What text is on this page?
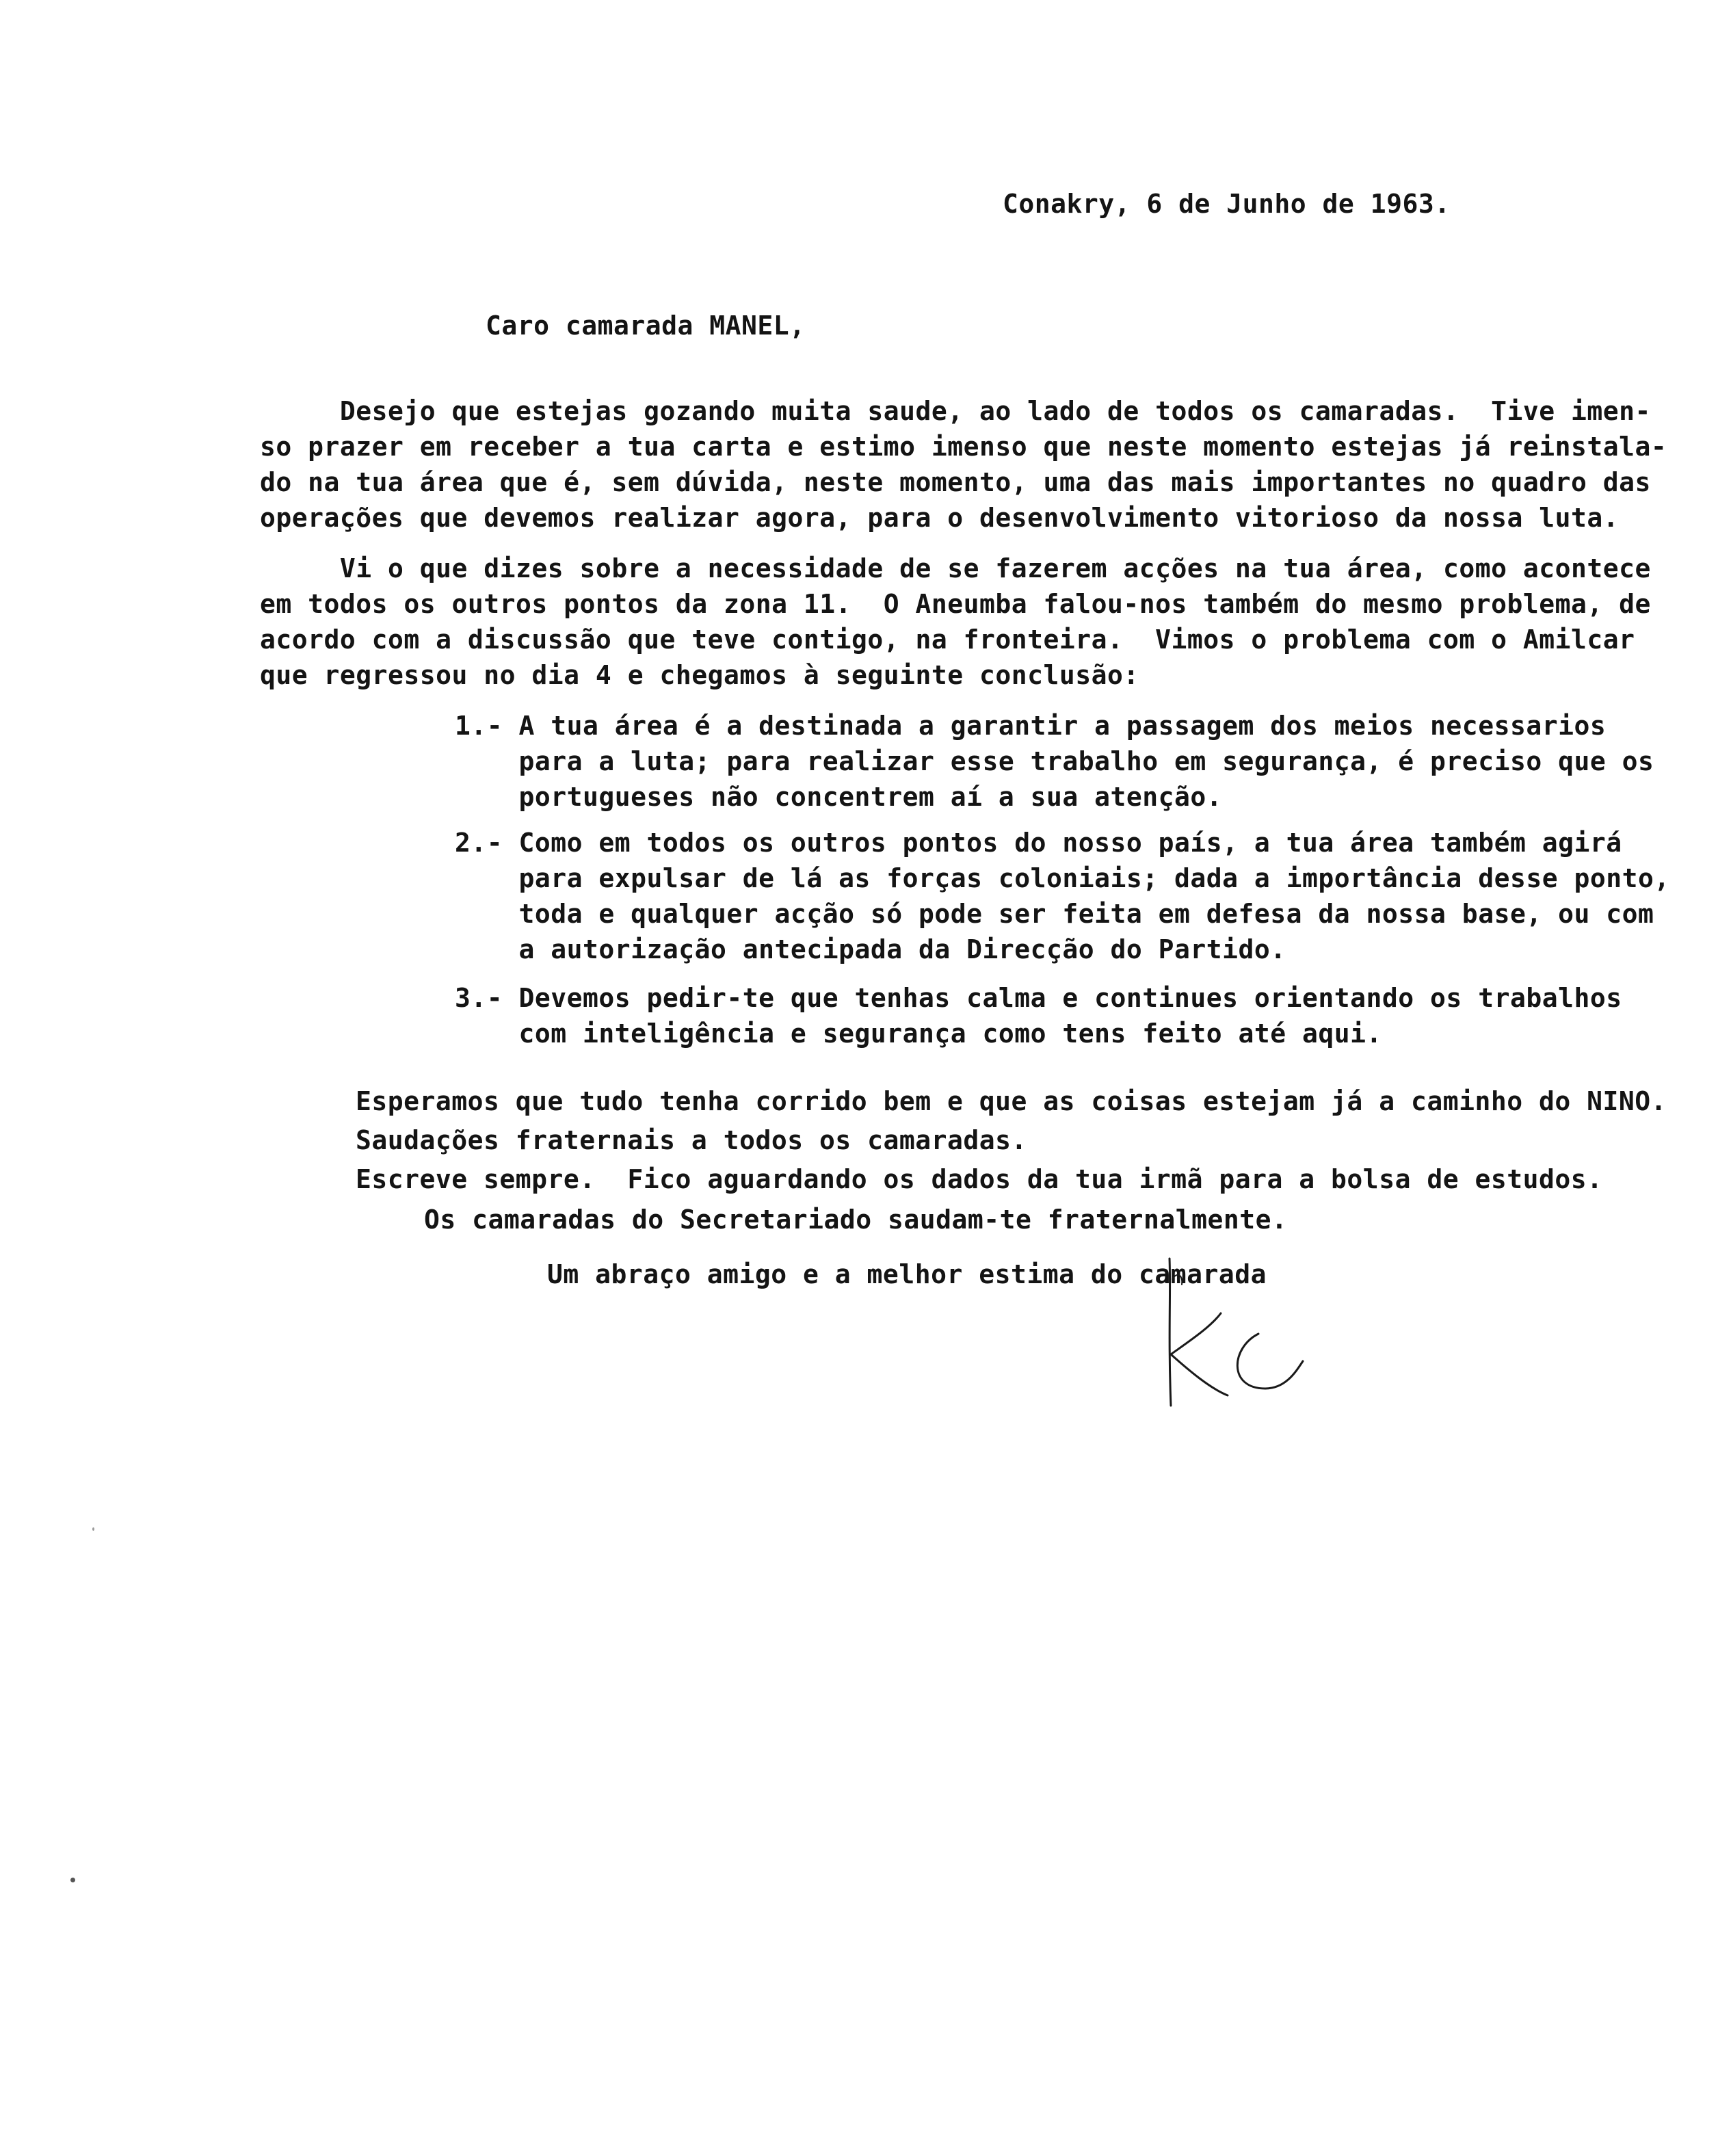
Conakry, 6 de Junho de 1963.
Caro camarada MANEL,
Desejo que estejas gozando muita saude, ao lado de todos os camaradas.  Tive imen-
so prazer em receber a tua carta e estimo imenso que neste momento estejas já reinstala-
do na tua área que é, sem dúvida, neste momento, uma das mais importantes no quadro das
operações que devemos realizar agora, para o desenvolvimento vitorioso da nossa luta.
Vi o que dizes sobre a necessidade de se fazerem acções na tua área, como acontece
em todos os outros pontos da zona 11.  O Aneumba falou-nos também do mesmo problema, de
acordo com a discussão que teve contigo, na fronteira.  Vimos o problema com o Amilcar
que regressou no dia 4 e chegamos à seguinte conclusão:
1.- A tua área é a destinada a garantir a passagem dos meios necessarios
para a luta; para realizar esse trabalho em segurança, é preciso que os
portugueses não concentrem aí a sua atenção.
2.- Como em todos os outros pontos do nosso país, a tua área também agirá
para expulsar de lá as forças coloniais; dada a importância desse ponto,
toda e qualquer acção só pode ser feita em defesa da nossa base, ou com
a autorização antecipada da Direcção do Partido.
3.- Devemos pedir-te que tenhas calma e continues orientando os trabalhos
com inteligência e segurança como tens feito até aqui.
Esperamos que tudo tenha corrido bem e que as coisas estejam já a caminho do NINO.
Saudações fraternais a todos os camaradas.
Escreve sempre.  Fico aguardando os dados da tua irmã para a bolsa de estudos.
Os camaradas do Secretariado saudam-te fraternalmente.
Um abraço amigo e a melhor estima do camarada
